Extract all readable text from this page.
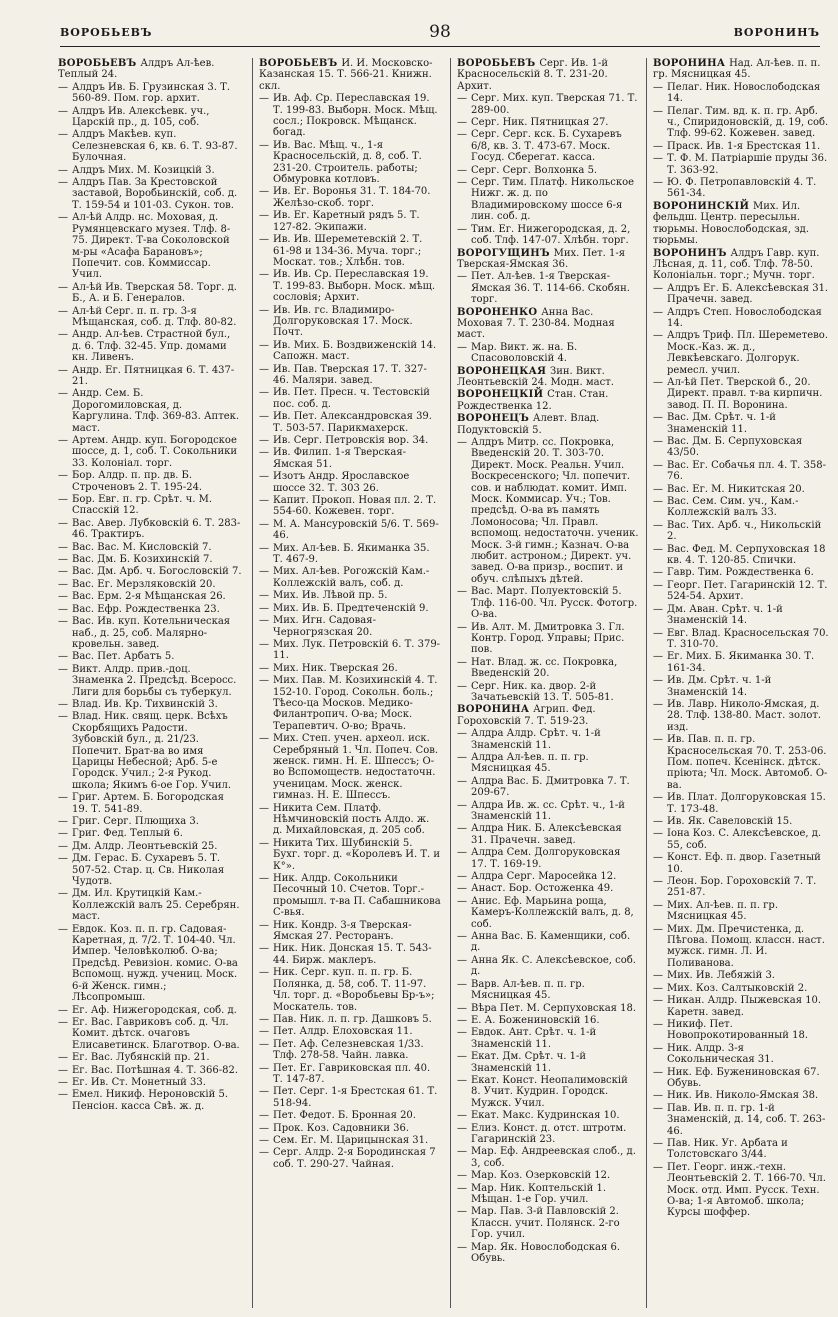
ВОРОБЬЕВЪ	98	ВОРОНИНЪ
ВОРОБЬЕВЪ Алдръ Ал-ѣев. Теплый 24.
— Алдръ Ив. Б. Грузинская 3. Т. 560-89. Пом. гор. архит.
— Алдръ Ив. Алексѣевк. уч., Царскій пр., д. 105, соб.
— Алдръ Макѣев. куп. Селезневская 6, кв. 6. Т. 93-87. Булочная.
— Алдръ Мих. М. Козицкій 3.
— Алдръ Пав. За Крестовской заставой, Воробьинскій, соб. д. Т. 159-54 и 101-03. Сукон. тов.
— Ал-ѣй Алдр. нс. Моховая, д. Румянцевскаго музея. Тлф. 8-75. Директ. Т-ва Соколовской м-ры «Асафа Барановъ»; Попечит. сов. Коммиссар. Учил.
— Ал-ѣй Ив. Тверская 58. Торг. д. Б., А. и Б. Генералов.
— Ал-ѣй Серг. п. п. гр. 3-я Мѣщанская, соб. д. Тлф. 80-82.
— Андр. Ал-ѣев. Страстной бул., д. 6. Тлф. 32-45. Упр. домами кн. Ливенъ.
— Андр. Ег. Пятницкая 6. Т. 437-21.
— Андр. Сем. Б. Дорогомиловская, д. Каргулина. Тлф. 369-83. Аптек. маст.
— Артем. Андр. куп. Богородское шоссе, д. 1, соб. Т. Сокольники 33. Колоніал. торг.
— Бор. Алдр. п. пр. дв. Б. Строченовъ 2. Т. 195-24.
— Бор. Евг. п. гр. Срѣт. ч. М. Спасскій 12.
— Вас. Авер. Лубковскій 6. Т. 283-46. Трактиръ.
— Вас. Вас. М. Кисловскій 7.
— Вас. Дм. Б. Козихинскій 7.
— Вас. Дм. Арб. ч. Богословскій 7.
— Вас. Ег. Мерзляковскій 20.
— Вас. Ерм. 2-я Мѣщанская 26.
— Вас. Ефр. Рождественка 23.
— Вас. Ив. куп. Котельническая наб., д. 25, соб. Малярно-кровельн. завед.
— Вас. Пет. Арбатъ 5.
— Викт. Алдр. прив.-доц. Знаменка 2. Предсѣд. Всеросс. Лиги для борьбы съ туберкул.
— Влад. Ив. Кр. Тихвинскій 3.
— Влад. Ник. свящ. церк. Всѣхъ Скорбящихъ Радости. Зубовскій бул., д. 21/23. Попечит. Брат-ва во имя Царицы Небесной; Арб. 5-е Городск. Учил.; 2-я Рукод. школа; Якимъ 6-ое Гор. Учил.
— Григ. Артем. Б. Богородская 19. Т. 541-89.
— Григ. Серг. Плющиха 3.
— Григ. Фед. Теплый 6.
— Дм. Алдр. Леонтьевскій 25.
— Дм. Герас. Б. Сухаревъ 5. Т. 507-52. Стар. ц. Св. Николая Чудотв.
— Дм. Ил. Крутицкій Кам.-Коллежскій валъ 25. Серебрян. маст.
— Евдок. Коз. п. п. гр. Садовая-Каретная, д. 7/2. Т. 104-40. Чл. Импер. Человѣколюб. О-ва; Предсѣд. Ревизіон. комис. О-ва Вспомощ. нужд. учениц. Моск. 6-й Женск. гимн.; Лѣсопромыш.
— Ег. Аф. Нижегородская, соб. д.
— Ег. Вас. Гавриковъ соб. д. Чл. Комит. дѣтск. очаговъ Елисаветинск. Благотвор. О-ва.
— Ег. Вас. Лубянскій пр. 21.
— Ег. Вас. Потѣшная 4. Т. 366-82.
— Ег. Ив. Ст. Монетный 33.
— Емел. Никиф. Нероновскій 5. Пенсіон. касса Свѣ. ж. д.
ВОРОБЬЕВЪ И. И. Московско-Казанская 15. Т. 566-21. Книжн. скл.
— Ив. Аф. Ср. Переславская 19. Т. 199-83. Выборн. Моск. Мѣщ. сосл.; Покровск. Мѣщанск. богад.
— Ив. Вас. Мѣщ. ч., 1-я Красносельскій, д. 8, соб. Т. 231-20. Строитель. работы; Обмуровка котловъ.
— Ив. Ег. Воронья 31. Т. 184-70. Желѣзо-скоб. торг.
— Ив. Ег. Каретный рядъ 5. Т. 127-82. Экипажи.
— Ив. Ив. Шереметевскій 2. Т. 61-98 и 134-36. Муча. торг.; Москат. тов.; Хлѣбн. тов.
— Ив. Ив. Ср. Переславская 19. Т. 199-83. Выборн. Моск. мѣщ. сословія; Архит.
— Ив. Ив. гс. Владимиро-Долгоруковская 17. Моск. Почт.
— Ив. Мих. Б. Воздвиженскій 14. Сапожн. маст.
— Ив. Пав. Тверская 17. Т. 327-46. Маляри. завед.
— Ив. Пет. Пресн. ч. Тестовскій пос. соб. д.
— Ив. Пет. Александровская 39. Т. 503-57. Парикмахерск.
— Ив. Серг. Петровскія вор. 34.
— Ив. Филип. 1-я Тверская-Ямская 51.
— Изотъ Андр. Ярославское шоссе 32. Т. 303 26.
— Капит. Прокоп. Новая пл. 2. Т. 554-60. Кожевен. торг.
— М. А. Мансуровскій 5/6. Т. 569-46.
— Мих. Ал-ѣев. Б. Якиманка 35. Т. 467-9.
— Мих. Ал-ѣев. Рогожскій Кам.-Коллежскій валъ, соб. д.
— Мих. Ив. Лѣвой пр. 5.
— Мих. Ив. Б. Предтеченскій 9.
— Мих. Игн. Садовая-Черногрязская 20.
— Мих. Лук. Петровскій 6. Т. 379-11.
— Мих. Ник. Тверская 26.
— Мих. Пав. М. Козихинскій 4. Т. 152-10. Город. Сокольн. боль.; Тѣесо-ца Москов. Медико-Филантропич. О-ва; Моск. Терапевтич. О-во; Врачь.
— Мих. Степ. учен. археол. иск. Серебряный 1. Чл. Попеч. Сов. женск. гимн. Н. Е. Шпессъ; О-во Вспомоществ. недостаточн. ученицам. Моск. женск. гимназ. Н. Е. Шпессъ.
— Никита Сем. Платф. Нѣмчиновскій пость Алдо. ж. д. Михайловская, д. 205 соб.
— Никита Тих. Шубинскій 5. Бухг. торг. д. «Королевъ И. Т. и К°».
— Ник. Алдр. Сокольники Песочный 10. Счетов. Торг.-промышл. т-ва П. Сабашникова С-вья.
— Ник. Кондр. 3-я Тверская-Ямская 27. Ресторанъ.
— Ник. Ник. Донская 15. Т. 543-44. Бирж. маклеръ.
— Ник. Серг. куп. п. п. гр. Б. Полянка, д. 58, соб. Т. 11-97. Чл. торг. д. «Воробьевы Бр-ъ»; Москатель. тов.
— Пав. Ник. л. п. гр. Дашковъ 5.
— Пет. Алдр. Елоховская 11.
— Пет. Аф. Селезневская 1/33. Тлф. 278-58. Чайн. лавка.
— Пет. Ег. Гавриковская пл. 40. Т. 147-87.
— Пет. Серг. 1-я Брестская 61. Т. 518-94.
— Пет. Федот. Б. Бронная 20.
— Прок. Коз. Садовники 36.
— Сем. Ег. М. Царицынская 31.
— Серг. Алдр. 2-я Бородинская 7 соб. Т. 290-27. Чайная.
ВОРОБЬЕВЪ Серг. Ив. 1-й Красносельскій 8. Т. 231-20. Архит.
— Серг. Мих. куп. Тверская 71. Т. 289-00.
— Серг. Ник. Пятницкая 27.
— Серг. Серг. кск. Б. Сухаревъ 6/8, кв. 3. Т. 473-67. Моск. Госуд. Сберегат. касса.
— Серг. Серг. Волхонка 5.
— Серг. Тим. Платф. Никольское Нижг. ж. д. по Владимировскому шоссе 6-я лин. соб. д.
— Тим. Ег. Нижегородская, д. 2, соб. Тлф. 147-07. Хлѣбн. торг.
ВОРОГУЩИНЪ Мих. Пет. 1-я Тверская-Ямская 36.
— Пет. Ал-ѣев. 1-я Тверская-Ямская 36. Т. 114-66. Скобян. торг.
ВОРОНЕНКО Анна Вас. Моховая 7. Т. 230-84. Модная маст.
— Мар. Викт. ж. на. Б. Спасоволовскій 4.
ВОРОНЕЦКАЯ Зин. Викт. Леонтьевскій 24. Модн. маст.
ВОРОНЕЦКІЙ Стан. Стан. Рождественка 12.
ВОРОНЕЦЪ Алевт. Влад. Подуктовскій 5.
— Алдръ Митр. сс. Покровка, Введенскій 20. Т. 303-70. Директ. Моск. Реальн. Учил. Воскресенского; Чл. попечит. сов. и наблюдат. комит. Имп. Моск. Коммисар. Уч.; Тов. предсѣд. О-ва въ память Ломоносова; Чл. Правл. вспомощ. недостаточн. ученик. Моск. 3-й гимн.; Казнач. О-ва любит. астроном.; Директ. уч. завед. О-ва призр., воспит. и обуч. слѣпыхъ дѣтей.
— Вас. Март. Полуектовскій 5. Тлф. 116-00. Чл. Русск. Фотогр. О-ва.
— Ив. Алт. М. Дмитровка 3. Гл. Контр. Город. Управы; Прис. пов.
— Нат. Влад. ж. сс. Покровка, Введенскій 20.
— Серг. Ник. ка. двор. 2-й Зачатьевскій 13. Т. 505-81.
ВОРОНИНА Агрип. Фед. Гороховскій 7. Т. 519-23.
— Алдра Алдр. Срѣт. ч. 1-й Знаменскій 11.
— Алдра Ал-ѣев. п. п. гр. Мясницкая 45.
— Алдра Вас. Б. Дмитровка 7. Т. 209-67.
— Алдра Ив. ж. сс. Срѣт. ч., 1-й Знаменскій 11.
— Алдра Ник. Б. Алексѣевская 31. Прачечн. завед.
— Алдра Сем. Долгоруковская 17. Т. 169-19.
— Алдра Серг. Маросейка 12.
— Анаст. Бор. Остоженка 49.
— Анис. Еф. Марьина роща, Камеръ-Коллежскій валъ, д. 8, соб.
— Анна Вас. Б. Каменщики, соб. д.
— Анна Як. С. Алексѣевское, соб. д.
— Варв. Ал-ѣев. п. п. гр. Мясницкая 45.
— Вѣра Пет. М. Серпуховская 18.
— Е. А. Божениновскій 16.
— Евдок. Ант. Срѣт. ч. 1-й Знаменскій 11.
— Екат. Дм. Срѣт. ч. 1-й Знаменскій 11.
— Екат. Конст. Неопалимовскій 8. Учит. Кудрин. Городск. Мужск. Учил.
— Екат. Макс. Кудринская 10.
— Елиз. Конст. д. отст. штротм. Гагаринскій 23.
— Мар. Еф. Андреевская слоб., д. 3, соб.
— Мар. Коз. Озерковскій 12.
— Мар. Ник. Коптельскій 1. Мѣщан. 1-е Гор. учил.
— Мар. Пав. 3-й Павловскій 2. Классн. учит. Полянск. 2-го Гор. учил.
— Мар. Як. Новослободская 6. Обувь.
ВОРОНИНА Над. Ал-ѣев. п. п. гр. Мясницкая 45.
— Пелаг. Ник. Новослободская 14.
— Пелаг. Тим. вд. к. п. гр. Арб. ч., Спиридоновскій, д. 19, соб. Тлф. 99-62. Кожевен. завед.
— Праск. Ив. 1-я Брестская 11.
— Т. Ф. М. Патріаршіе пруды 36. Т. 363-92.
— Ю. Ф. Петропавловскій 4. Т. 561-34.
ВОРОНИНСКІЙ Мих. Ил. фельдш. Центр. пересыльн. тюрьмы. Новослободская, зд. тюрьмы.
ВОРОНИНЪ Алдръ Гавр. куп. Лѣсная, д. 11, соб. Тлф. 78-50. Колоніальн. торг.; Мучн. торг.
— Алдръ Ег. Б. Алексѣевская 31. Прачечн. завед.
— Алдръ Степ. Новослободская 14.
— Алдръ Триф. Пл. Шереметево. Моск.-Каз. ж. д., Левкѣевскаго. Долгорук. ремесл. учил.
— Ал-ѣй Пет. Тверской б., 20. Директ. правл. т-ва кирпичн. завод. П. П. Воронина.
— Вас. Дм. Срѣт. ч. 1-й Знаменскій 11.
— Вас. Дм. Б. Серпуховская 43/50.
— Вас. Ег. Собачья пл. 4. Т. 358-76.
— Вас. Ег. М. Никитская 20.
— Вас. Сем. Сим. уч., Кам.-Коллежскій валъ 33.
— Вас. Тих. Арб. ч., Никольскій 2.
— Вас. Фед. М. Серпуховская 18 кв. 4. Т. 120-85. Спички.
— Гавр. Тим. Рождественка 6.
— Георг. Пет. Гагаринскій 12. Т. 524-54. Архит.
— Дм. Аван. Срѣт. ч. 1-й Знаменскій 14.
— Евг. Влад. Красносельская 70. Т. 310-70.
— Ег. Мих. Б. Якиманка 30. Т. 161-34.
— Ив. Дм. Срѣт. ч. 1-й Знаменскій 14.
— Ив. Лавр. Николо-Ямская, д. 28. Тлф. 138-80. Маст. золот. изд.
— Ив. Пав. п. п. гр. Красносельская 70. Т. 253-06. Пом. попеч. Ксенінск. дѣтск. пріюта; Чл. Моск. Автомоб. О-ва.
— Ив. Плат. Долгоруковская 15. Т. 173-48.
— Ив. Як. Савеловскій 15.
— Іона Коз. С. Алексѣевское, д. 55, соб.
— Конст. Еф. п. двор. Газетный 10.
— Леон. Бор. Гороховскій 7. Т. 251-87.
— Мих. Ал-ѣев. п. п. гр. Мясницкая 45.
— Мих. Дм. Пречистенка, д. Пѣгова. Помощ. классн. наст. мужск. гимн. Л. И. Поливанова.
— Мих. Ив. Лебяжій 3.
— Мих. Коз. Салтыковскій 2.
— Никан. Алдр. Пыжевская 10. Каретн. завед.
— Никиф. Пет. Новопрокотированный 18.
— Ник. Алдр. 3-я Сокольническая 31.
— Ник. Еф. Бужениновская 67. Обувь.
— Ник. Ив. Николо-Ямская 38.
— Пав. Ив. п. п. гр. 1-й Знаменскій, д. 14, соб. Т. 263-46.
— Пав. Ник. Уг. Арбата и Толстовскаго 3/44.
— Пет. Георг. инж.-техн. Леонтьевскій 2. Т. 166-70. Чл. Моск. отд. Имп. Русск. Техн. О-ва; 1-я Автомоб. школа; Курсы шоффер.
